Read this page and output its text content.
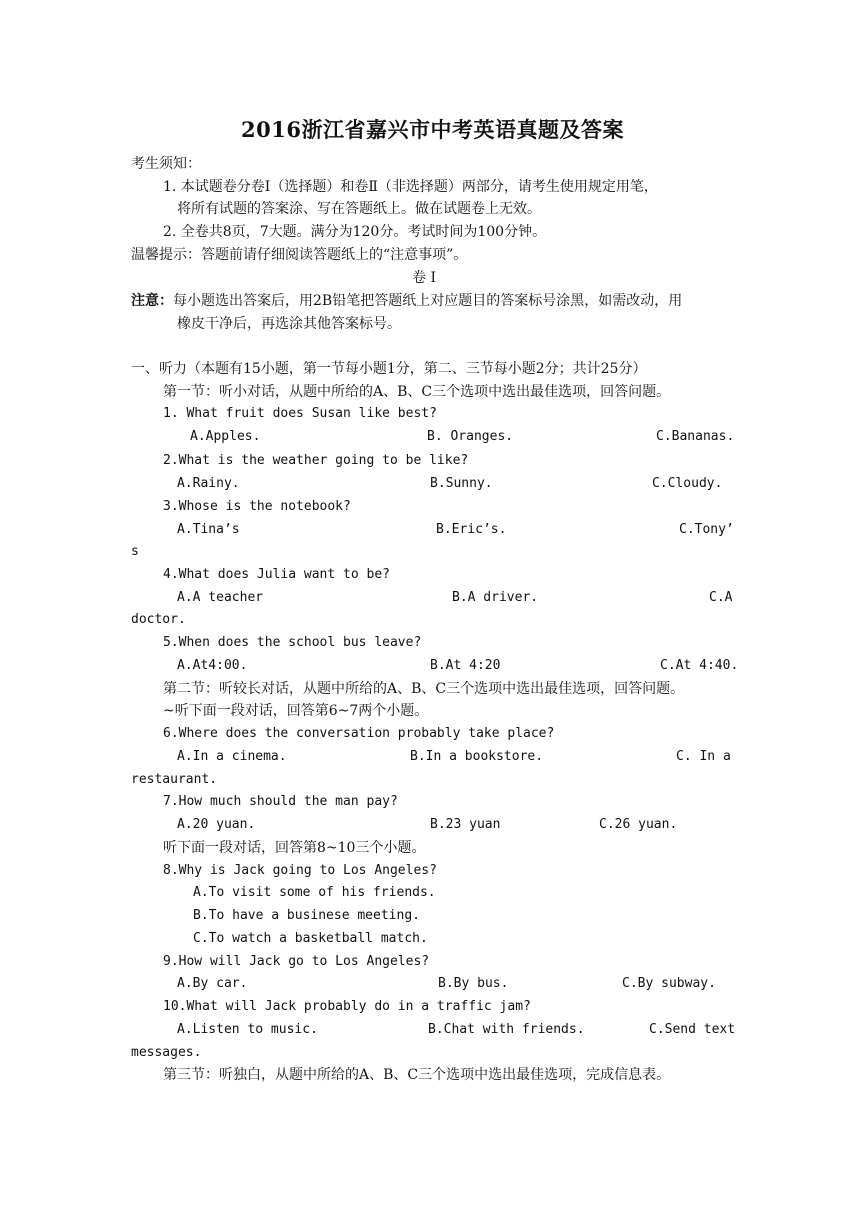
2016浙江省嘉兴市中考英语真题及答案
考生须知：
1. 本试题卷分卷Ⅰ（选择题）和卷Ⅱ（非选择题）两部分，请考生使用规定用笔，
将所有试题的答案涂、写在答题纸上。做在试题卷上无效。
2. 全卷共8页，7大题。满分为120分。考试时间为100分钟。
温馨提示：答题前请仔细阅读答题纸上的“注意事项”。
卷 Ⅰ
注意：每小题选出答案后，用2B铅笔把答题纸上对应题目的答案标号涂黑，如需改动，用
橡皮干净后，再选涂其他答案标号。
一、听力（本题有15小题，第一节每小题1分，第二、三节每小题2分；共计25分）
第一节：听小对话，从题中所给的A、B、C三个选项中选出最佳选项，回答问题。
1. What fruit does Susan like best?
A.Apples.	B. Oranges.	C.Bananas.
2.What is the weather going to be like?
A.Rainy.	B.Sunny.	C.Cloudy.
3.Whose is the notebook?
A.Tina’s	B.Eric’s.	C.Tony’
s
4.What does Julia want to be?
A.A teacher	B.A driver.	C.A
doctor.
5.When does the school bus leave?
A.At4:00.	B.At 4:20	C.At 4:40.
第二节：听较长对话，从题中所给的A、B、C三个选项中选出最佳选项，回答问题。
~听下面一段对话，回答第6~7两个小题。
6.Where does the conversation probably take place?
A.In a cinema.	B.In a bookstore.	C. In a
restaurant.
7.How much should the man pay?
A.20 yuan.	B.23 yuan	C.26 yuan.
听下面一段对话，回答第8~10三个小题。
8.Why is Jack going to Los Angeles?
A.To visit some of his friends.
B.To have a businese meeting.
C.To watch a basketball match.
9.How will Jack go to Los Angeles?
A.By car.	B.By bus.	C.By subway.
10.What will Jack probably do in a traffic jam?
A.Listen to music.	B.Chat with friends.	C.Send text
messages.
第三节：听独白，从题中所给的A、B、C三个选项中选出最佳选项，完成信息表。
